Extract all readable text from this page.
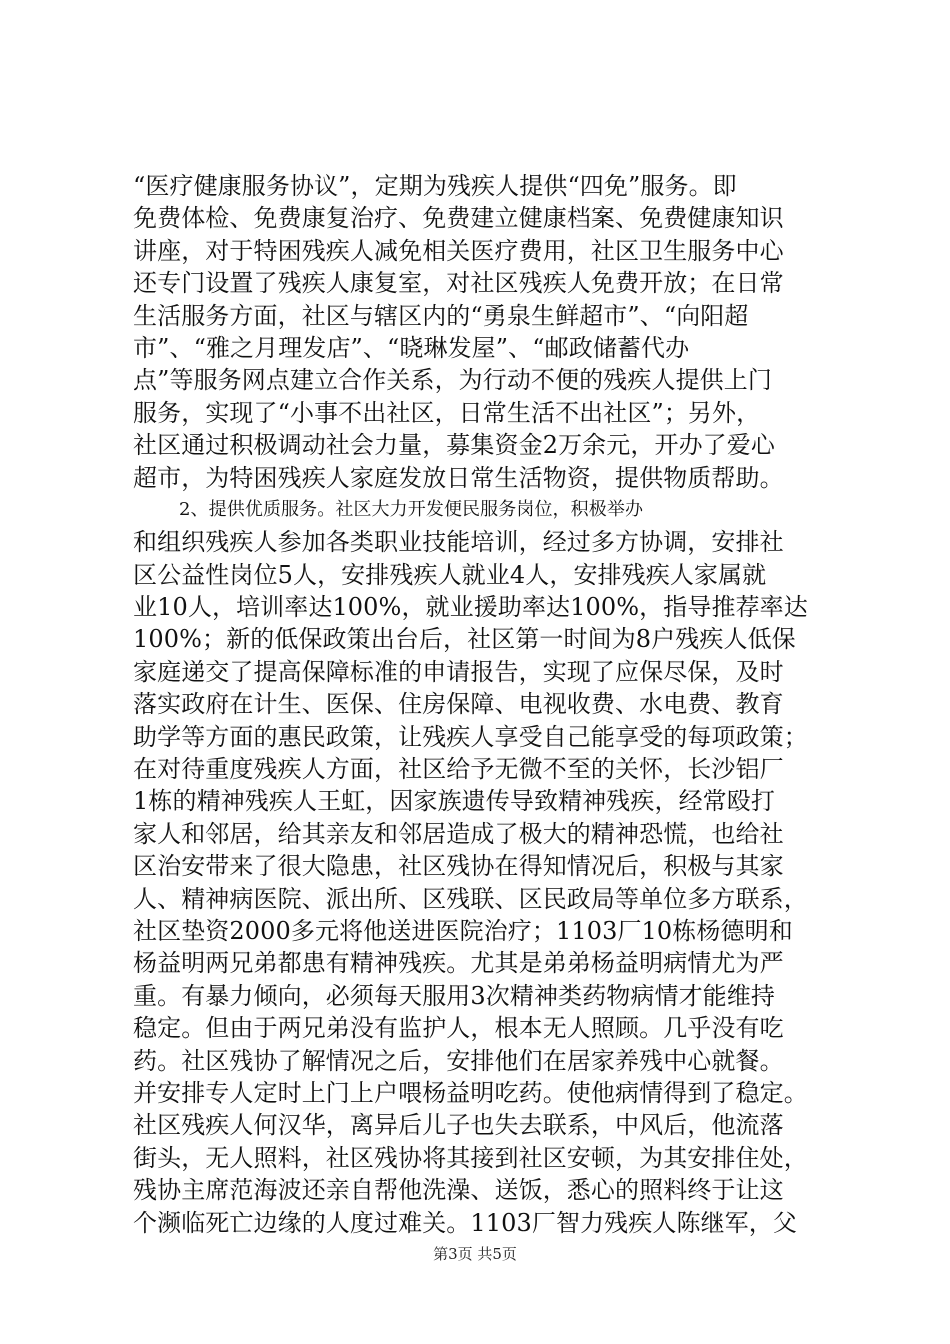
“医疗健康服务协议”，定期为残疾人提供“四免”服务。即
免费体检、免费康复治疗、免费建立健康档案、免费健康知识
讲座，对于特困残疾人减免相关医疗费用，社区卫生服务中心
还专门设置了残疾人康复室，对社区残疾人免费开放；在日常
生活服务方面，社区与辖区内的“勇泉生鲜超市”、“向阳超
市”、“雅之月理发店”、“晓琳发屋”、“邮政储蓄代办
点”等服务网点建立合作关系，为行动不便的残疾人提供上门
服务，实现了“小事不出社区，日常生活不出社区”；另外，
社区通过积极调动社会力量，募集资金2万余元，开办了爱心
超市，为特困残疾人家庭发放日常生活物资，提供物质帮助。
2、提供优质服务。社区大力开发便民服务岗位，积极举办
和组织残疾人参加各类职业技能培训，经过多方协调，安排社
区公益性岗位5人，安排残疾人就业4人，安排残疾人家属就
业10人，培训率达100%，就业援助率达100%，指导推荐率达
100%；新的低保政策出台后，社区第一时间为8户残疾人低保
家庭递交了提高保障标准的申请报告，实现了应保尽保，及时
落实政府在计生、医保、住房保障、电视收费、水电费、教育
助学等方面的惠民政策，让残疾人享受自己能享受的每项政策；
在对待重度残疾人方面，社区给予无微不至的关怀，长沙铝厂
1栋的精神残疾人王虹，因家族遗传导致精神残疾，经常殴打
家人和邻居，给其亲友和邻居造成了极大的精神恐慌，也给社
区治安带来了很大隐患，社区残协在得知情况后，积极与其家
人、精神病医院、派出所、区残联、区民政局等单位多方联系，
社区垫资2000多元将他送进医院治疗；1103厂10栋杨德明和
杨益明两兄弟都患有精神残疾。尤其是弟弟杨益明病情尤为严
重。有暴力倾向，必须每天服用3次精神类药物病情才能维持
稳定。但由于两兄弟没有监护人，根本无人照顾。几乎没有吃
药。社区残协了解情况之后，安排他们在居家养残中心就餐。
并安排专人定时上门上户喂杨益明吃药。使他病情得到了稳定。
社区残疾人何汉华，离异后儿子也失去联系，中风后，他流落
街头，无人照料，社区残协将其接到社区安顿，为其安排住处，
残协主席范海波还亲自帮他洗澡、送饭，悉心的照料终于让这
个濒临死亡边缘的人度过难关。1103厂智力残疾人陈继军，父
第3页 共5页
